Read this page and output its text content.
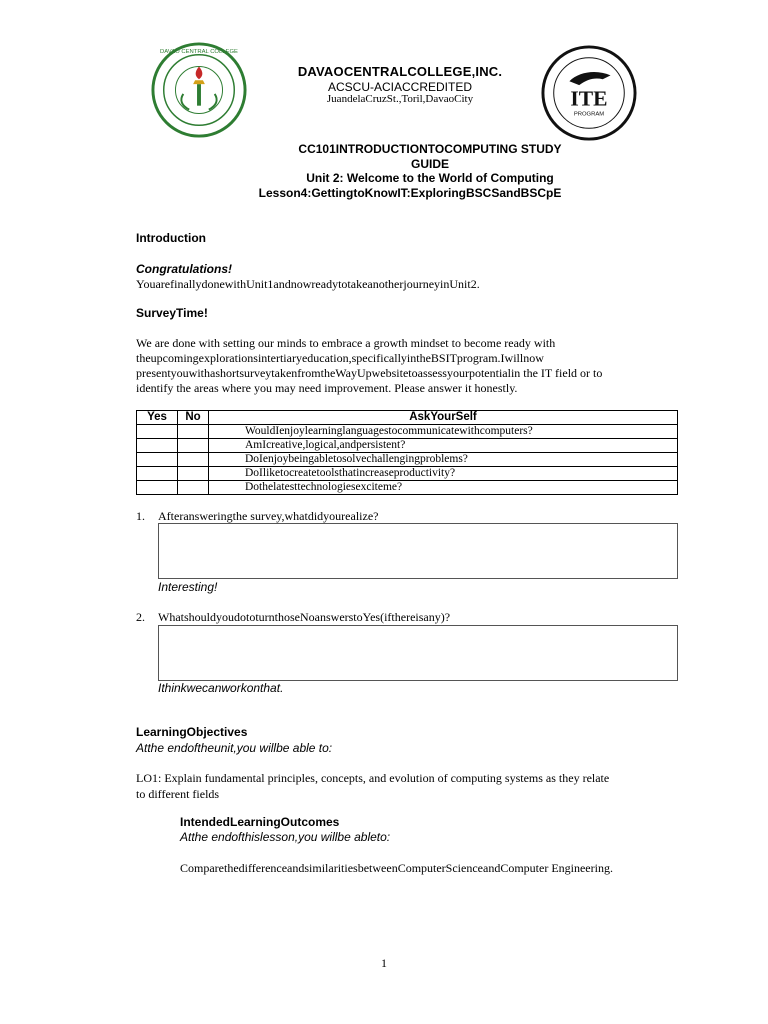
DAVAO CENTRAL COLLEGE
ITE
PROGRAM
DAVAOCENTRALCOLLEGE,INC.
ACSCU-ACIACCREDITED
JuandelaCruzSt.,Toril,DavaoCity
CC101INTRODUCTIONTOCOMPUTING STUDY
GUIDE
Unit 2: Welcome to the World of Computing
Lesson4:GettingtoKnowIT:ExploringBSCSandBSCpE
Introduction
Congratulations!
YouarefinallydonewithUnit1andnowreadytotakeanotherjourneyinUnit2.
SurveyTime!
We are done with setting our minds to embrace a growth mindset to become ready with
theupcomingexplorationsintertiaryeducation,specificallyintheBSITprogram.Iwillnow
presentyouwithashortsurveytakenfromtheWayUpwebsitetoassessyourpotentialin the IT field or to
identify the areas where you may need improvement. Please answer it honestly.
Yes	No	AskYourSelf
		WouldIenjoylearninglanguagestocommunicatewithcomputers?
		AmIcreative,logical,andpersistent?
		DoIenjoybeingabletosolvechallengingproblems?
		DoIliketocreatetoolsthatincreaseproductivity?
		Dothelatesttechnologiesexciteme?
1. Afteransweringthe survey,whatdidyourealize?
Interesting!
2. WhatshouldyoudototurnthoseNoanswerstoYes(ifthereisany)?
Ithinkwecanworkonthat.
LearningObjectives
Atthe endoftheunit,you willbe able to:
LO1: Explain fundamental principles, concepts, and evolution of computing systems as they relate
to different fields
IntendedLearningOutcomes
Atthe endofthislesson,you willbe ableto:
ComparethedifferenceandsimilaritiesbetweenComputerScienceandComputer Engineering.
1
